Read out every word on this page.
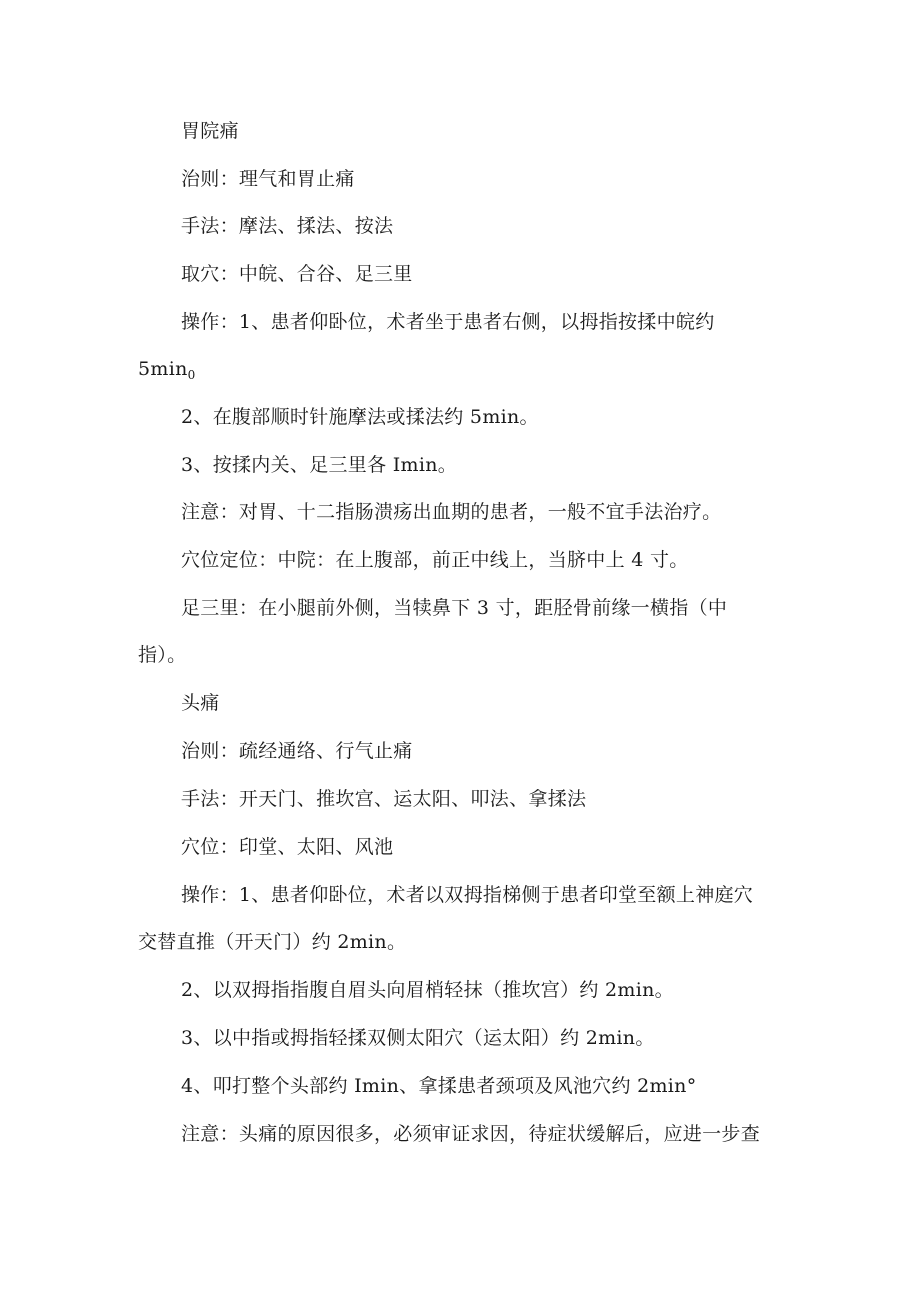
胃院痛
治则：理气和胃止痛
手法：摩法、揉法、按法
取穴：中皖、合谷、足三里
操作：1、患者仰卧位，术者坐于患者右侧，以拇指按揉中皖约
$5\min_0$
2、在腹部顺时针施摩法或揉法约 5min。
3、按揉内关、足三里各 Imin。
注意：对胃、十二指肠溃疡出血期的患者，一般不宜手法治疗。
穴位定位：中院：在上腹部，前正中线上，当脐中上 4 寸。
足三里：在小腿前外侧，当犊鼻下 3 寸，距胫骨前缘一横指（中
指）。
头痛
治则：疏经通络、行气止痛
手法：开天门、推坎宫、运太阳、叩法、拿揉法
穴位：印堂、太阳、风池
操作：1、患者仰卧位，术者以双拇指梯侧于患者印堂至额上神庭穴
交替直推（开天门）约 2min。
2、以双拇指指腹自眉头向眉梢轻抹（推坎宫）约 2min。
3、以中指或拇指轻揉双侧太阳穴（运太阳）约 2min。
4、叩打整个头部约 Imin、拿揉患者颈项及风池穴约 2min°
注意：头痛的原因很多，必须审证求因，待症状缓解后，应进一步查
